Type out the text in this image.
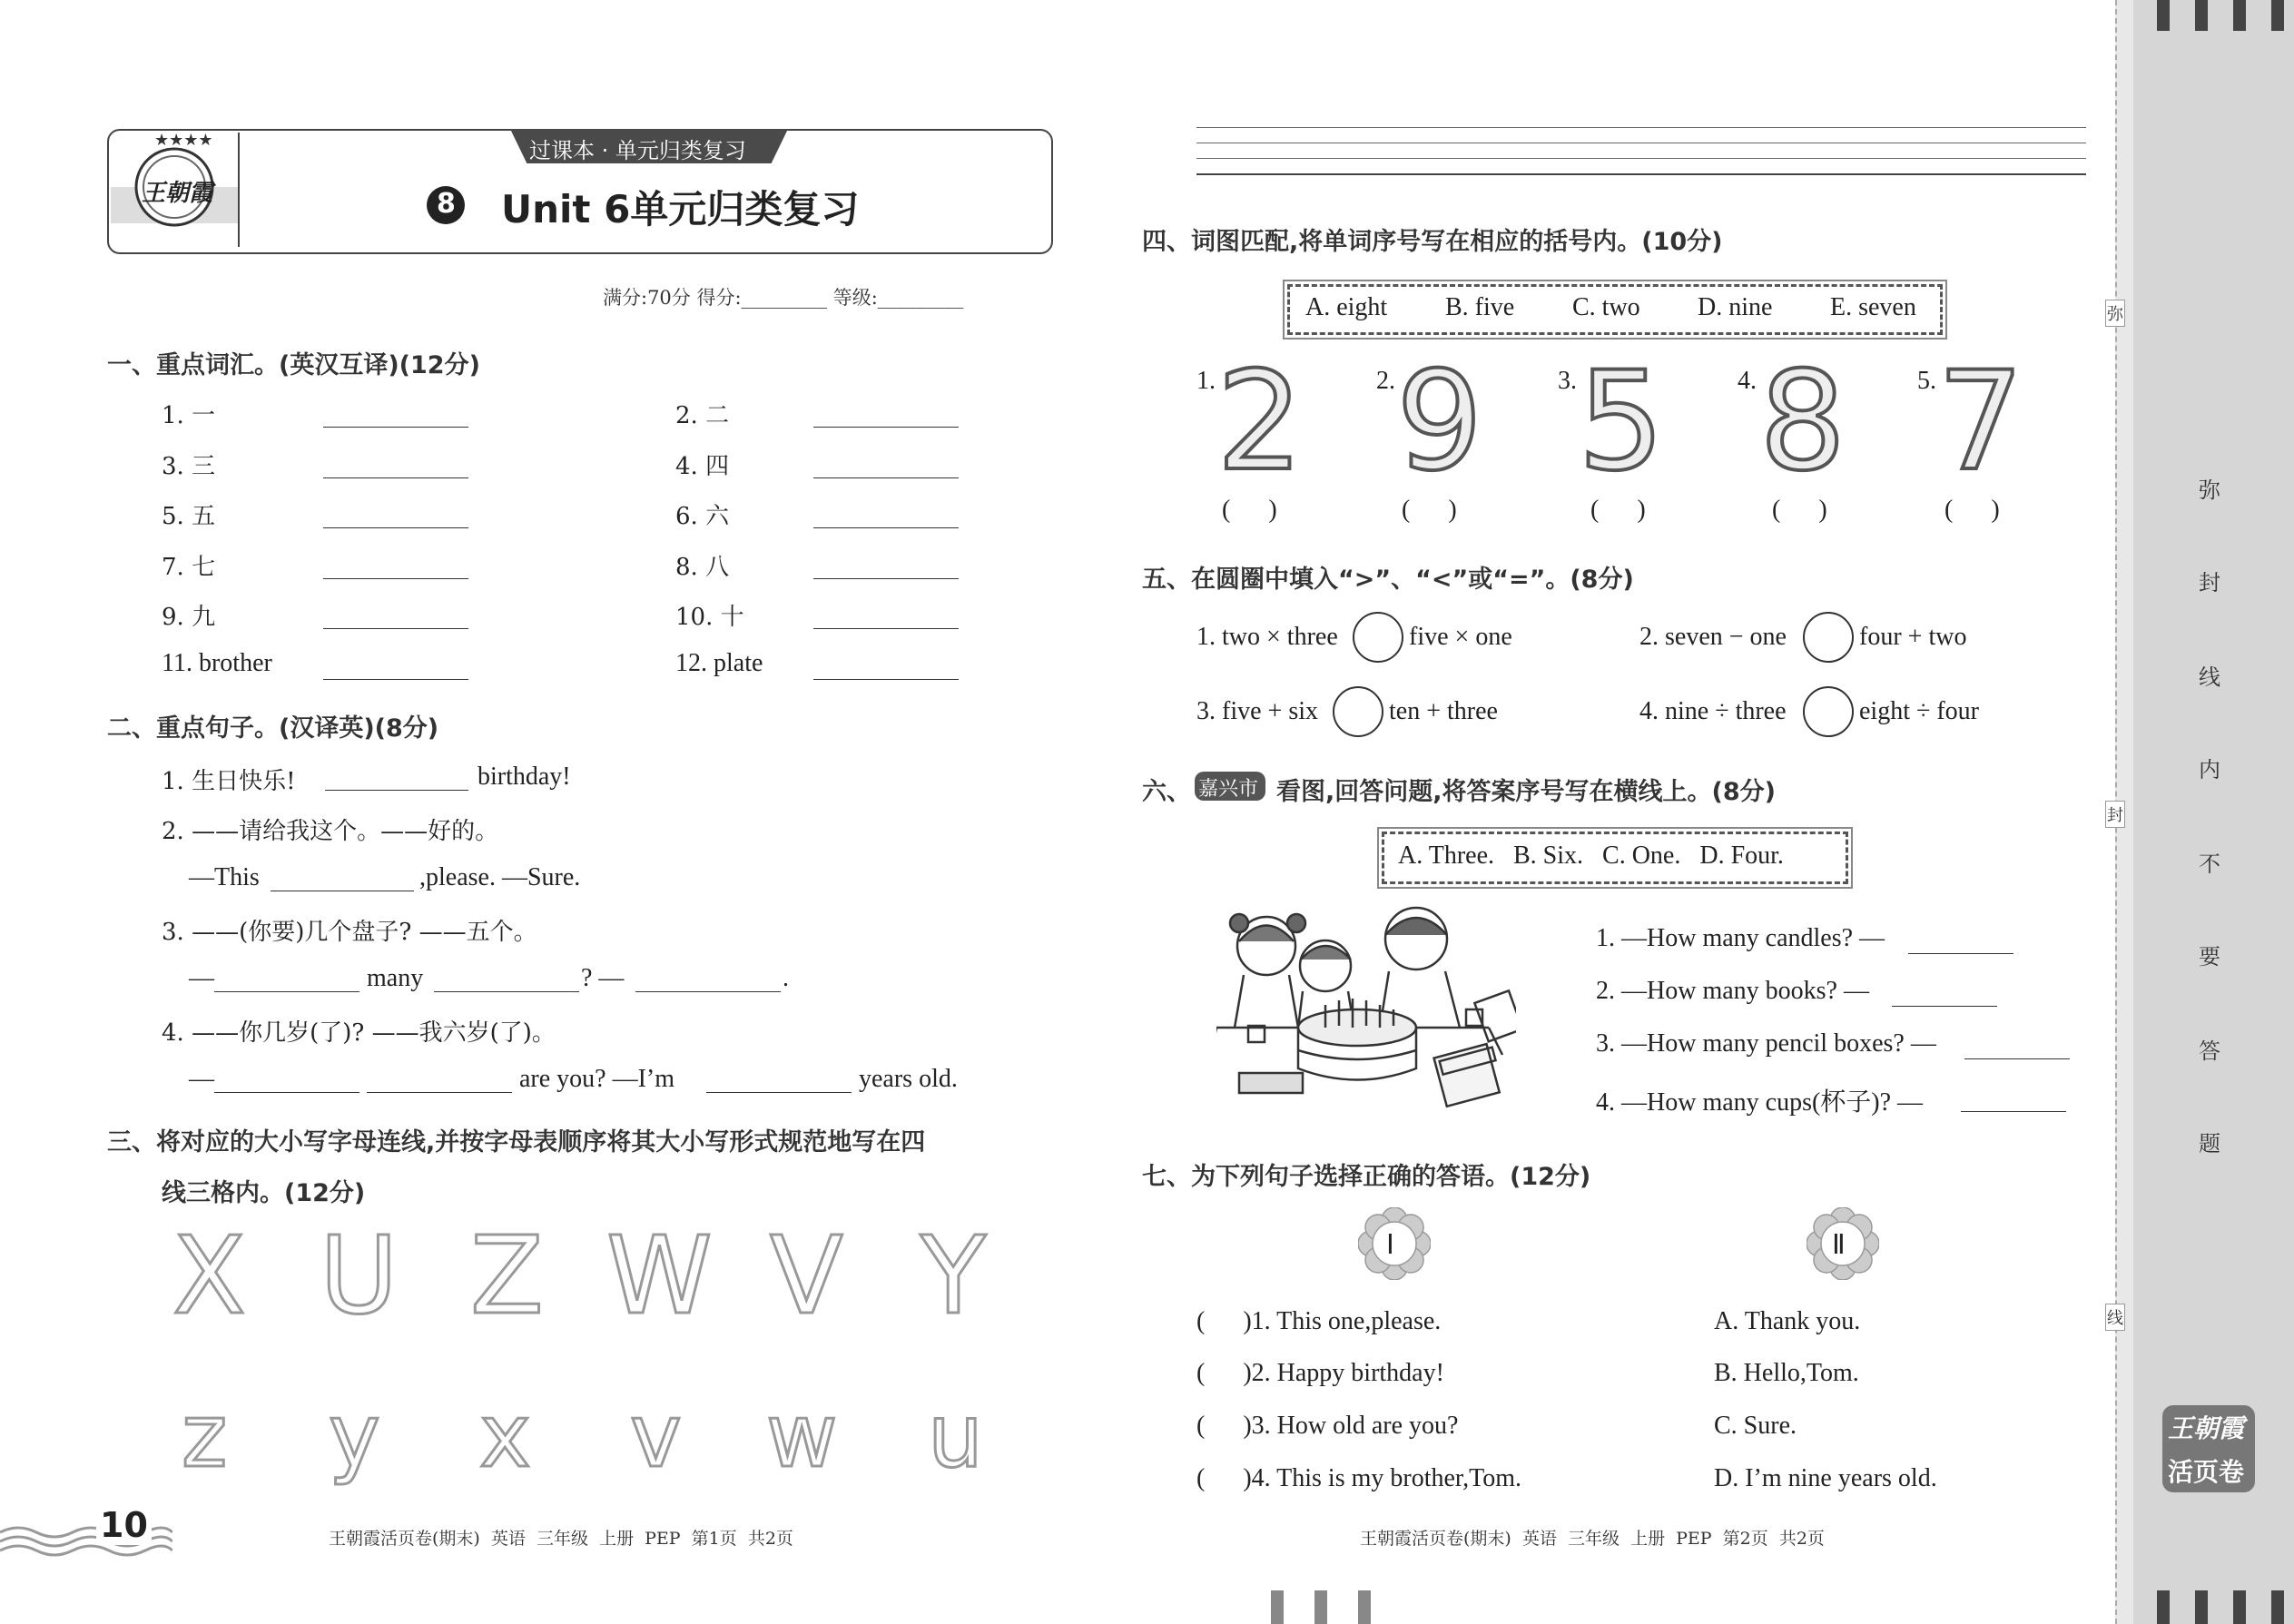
★★★★
王朝霞
过课本 · 单元归类复习
8 Unit 6单元归类复习
满分:70分 得分:_________ 等级:_________
一、重点词汇。(英汉互译)(12分)
1. 一	2. 二
3. 三	4. 四
5. 五	6. 六
7. 七	8. 八
9. 九	10. 十
11. brother	12. plate
二、重点句子。(汉译英)(8分)
1. 生日快乐!	birthday!
2. ——请给我这个。——好的。
—This	,please. —Sure.
3. ——(你要)几个盘子? ——五个。
—	many	? —	.
4. ——你几岁(了)? ——我六岁(了)。
—	are you? —I’m	years old.
三、将对应的大小写字母连线,并按字母表顺序将其大小写形式规范地写在四
线三格内。(12分)
X U Z W V Y
z y x v w u
10	王朝霞活页卷(期末)  英语  三年级  上册  PEP  第1页  共2页
四、词图匹配,将单词序号写在相应的括号内。(10分)
A. eight B. five C. two D. nine E. seven
1. 2	2. 9	3. 5	4. 8	5. 7
(      )	(      )	(      )	(      )	(      )
五、在圆圈中填入“>”、“<”或“=”。(8分)
1. two × three	five × one	2. seven − one	four + two
3. five + six	ten + three	4. nine ÷ three	eight ÷ four
六、 嘉兴市 看图,回答问题,将答案序号写在横线上。(8分)
A. Three.   B. Six.   C. One.   D. Four.
1. —How many candles? —
2. —How many books? —
3. —How many pencil boxes? —
4. —How many cups(杯子)? —
七、为下列句子选择正确的答语。(12分)
Ⅰ	Ⅱ
(      )1. This one,please.	A. Thank you.
(      )2. Happy birthday!	B. Hello,Tom.
(      )3. How old are you?	C. Sure.
(      )4. This is my brother,Tom.	D. I’m nine years old.
王朝霞活页卷(期末)  英语  三年级  上册  PEP  第2页  共2页
弥
封
线
弥
封
线
内
不
要
答
题
王朝霞
活页卷
